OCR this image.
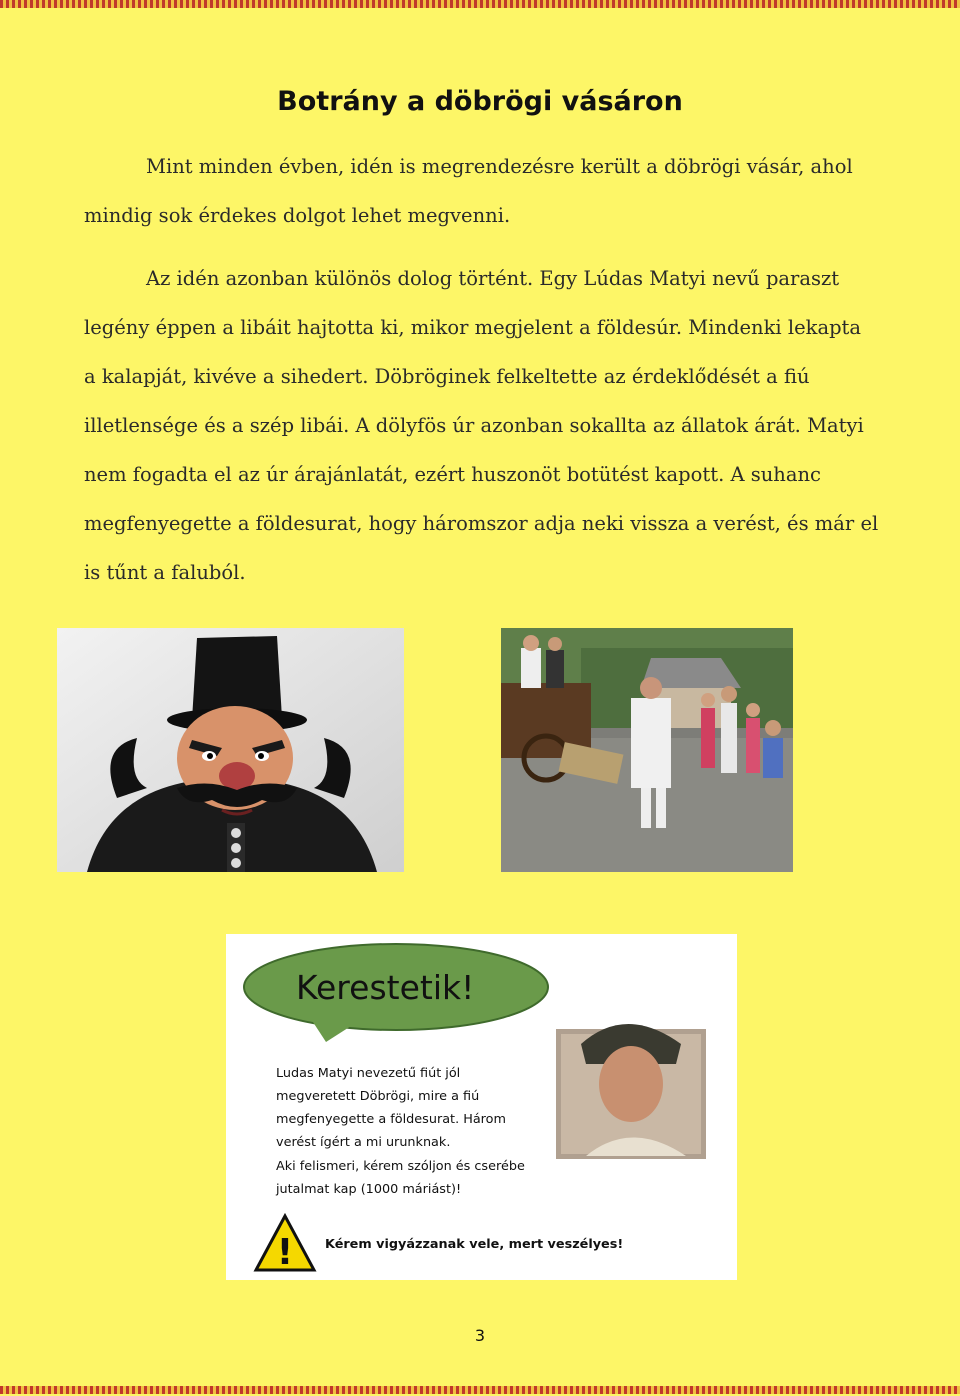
Botrány a döbrögi vásáron

Mint minden évben, idén is megrendezésre került a döbrögi vásár, ahol

mindig sok érdekes dolgot lehet megvenni.

Az idén azonban különös dolog történt. Egy Lúdas Matyi nevű paraszt

legény éppen a libáit hajtotta ki, mikor megjelent a földesúr. Mindenki lekapta
a kalapját, kivéve a sihedert. Döbröginek felkeltette az érdeklődését a fiú
illetlensége és a szép libái. A dölyfös úr azonban sokallta az állatok árát. Matyi
nem fogadta el az úr árajánlatát, ezért huszonöt botütést kapott. A suhanc
megfenyegette a földesurat, hogy háromszor adja neki vissza a verést, és már el
is tűnt a faluból.
!
Kerestetik!
Ludas Matyi nevezetű fiút jól
megveretett Döbrögi, mire a fiú
megfenyegette a földesurat. Három
verést ígért a mi urunknak.
Aki felismeri, kérem szóljon és cserébe
jutalmat kap (1000 máriást)!
Kérem vigyázzanak vele, mert veszélyes!
3
